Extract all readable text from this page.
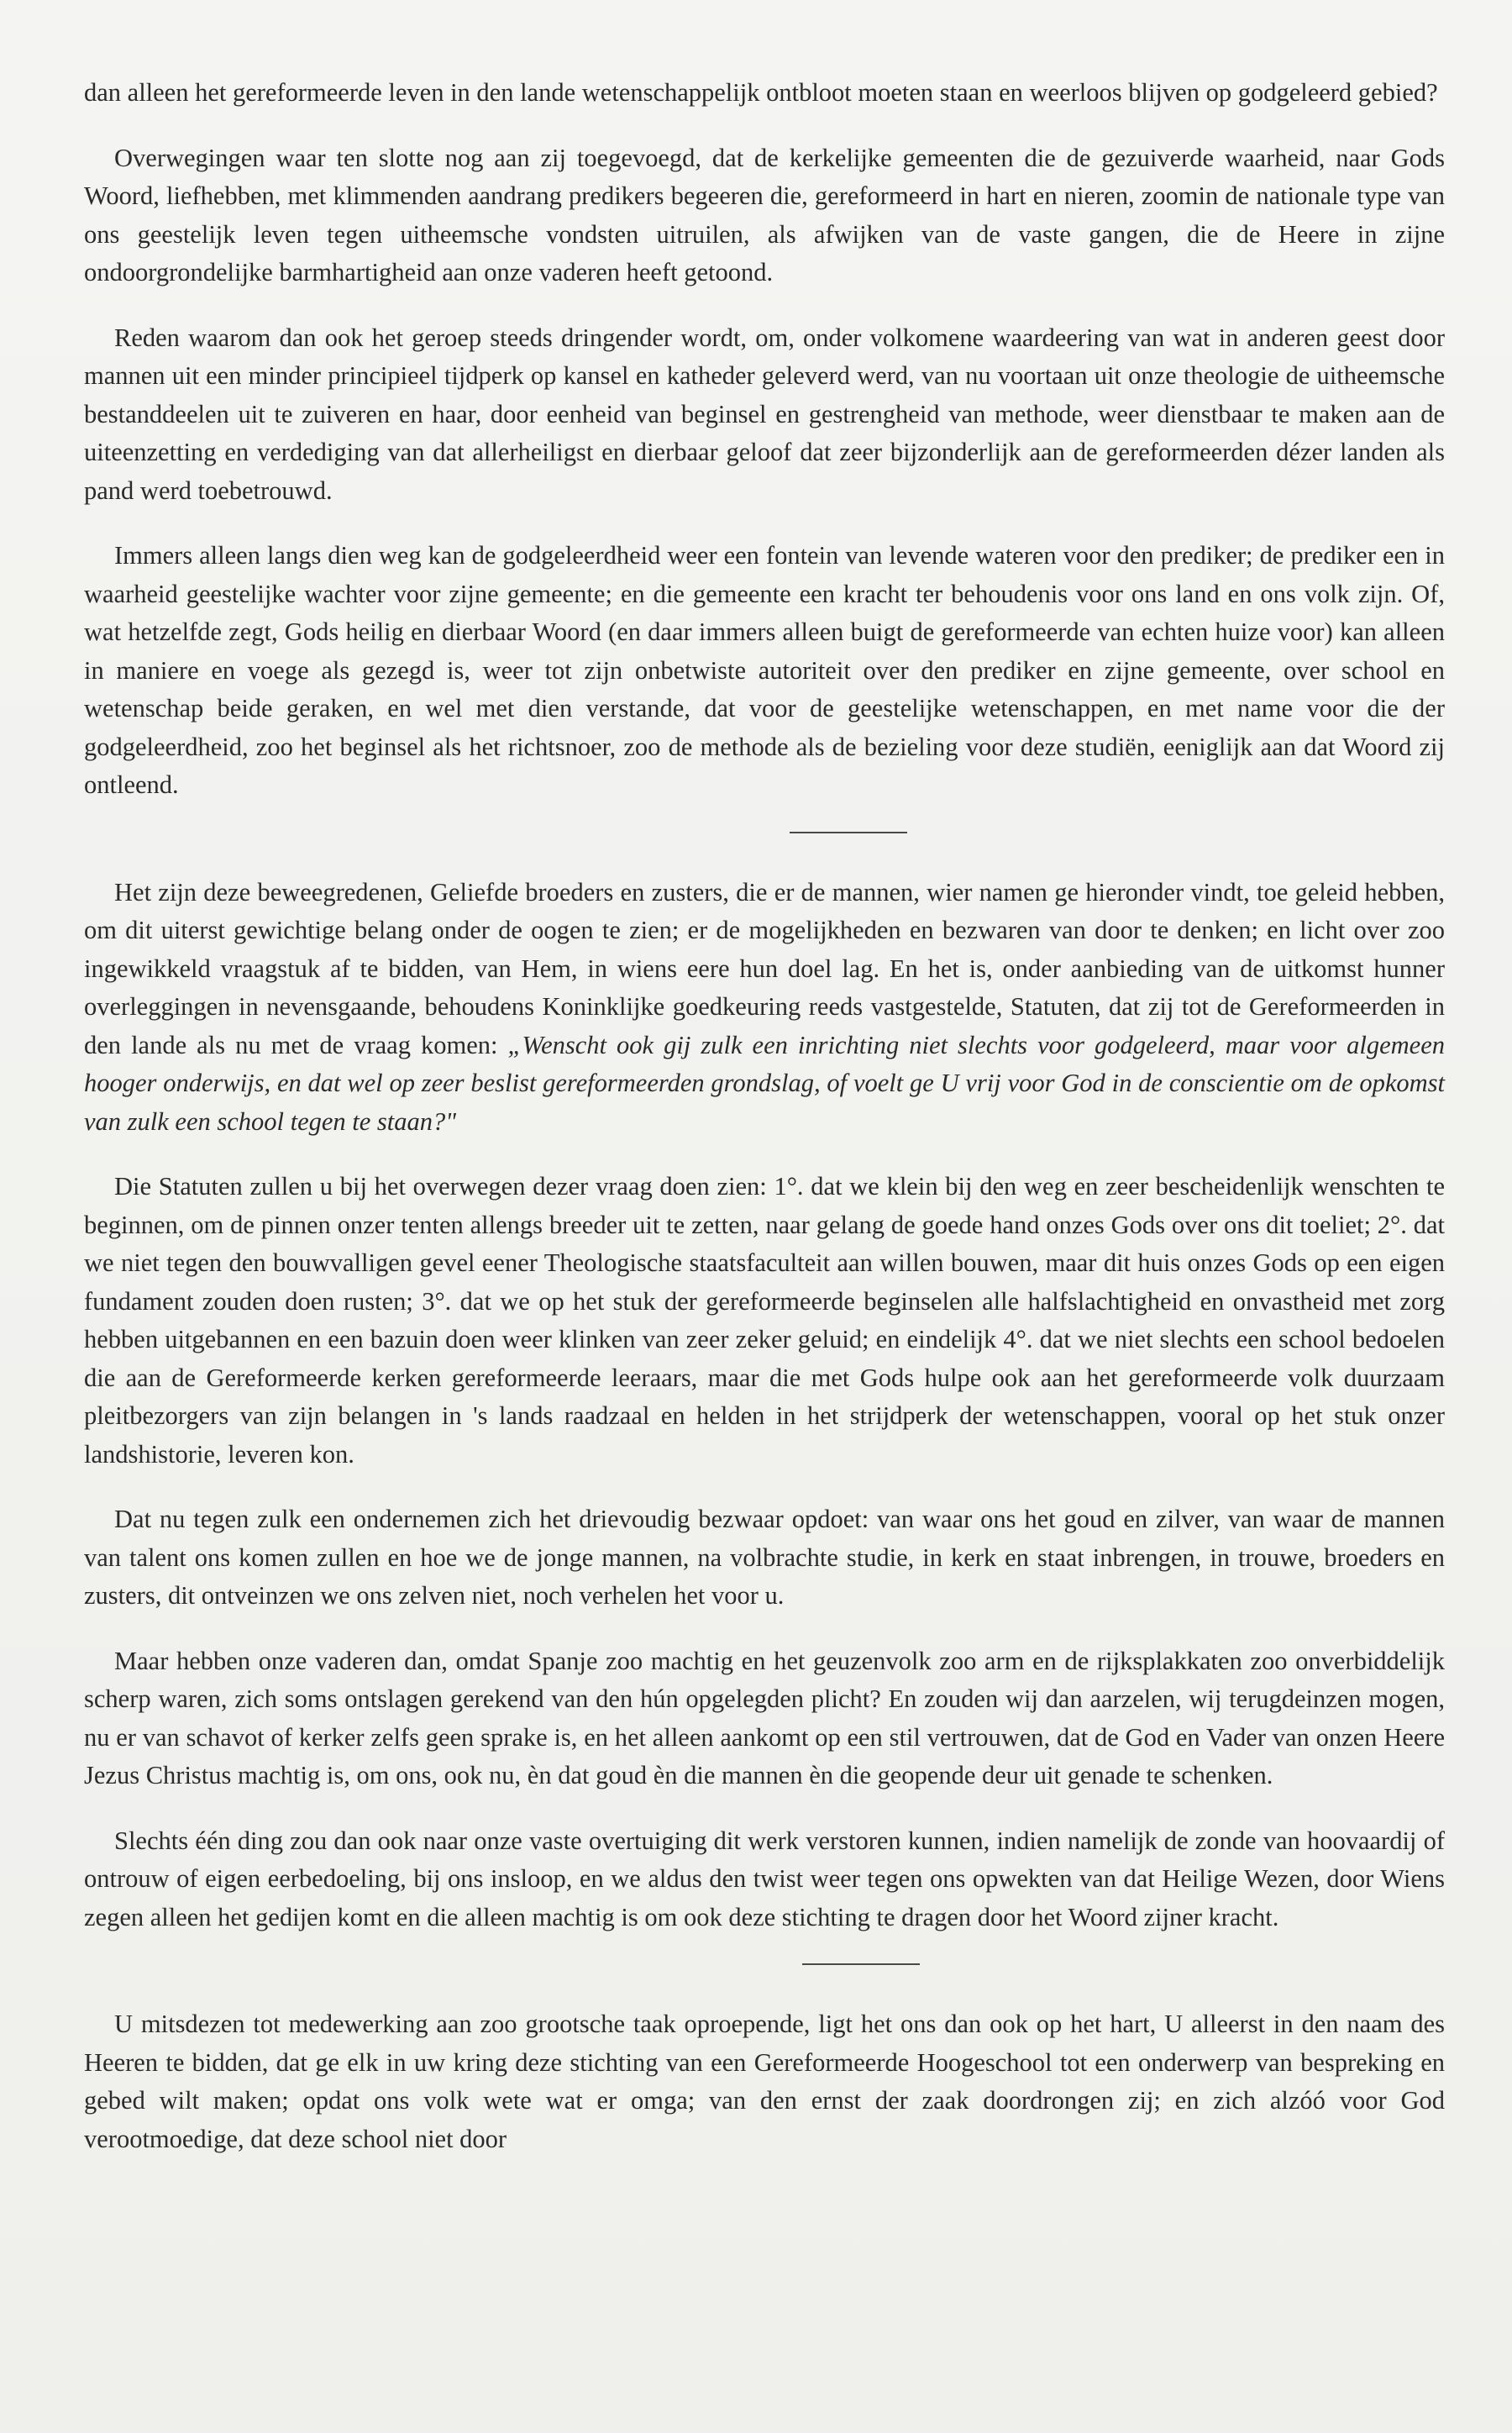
dan alleen het gereformeerde leven in den lande wetenschappelijk ontbloot moeten staan en weerloos blijven op godgeleerd gebied?

Overwegingen waar ten slotte nog aan zij toegevoegd, dat de kerkelijke gemeenten die de gezuiverde waarheid, naar Gods Woord, liefhebben, met klimmenden aandrang predikers begeeren die, gereformeerd in hart en nieren, zoomin de nationale type van ons geestelijk leven tegen uitheemsche vondsten uitruilen, als afwijken van de vaste gangen, die de Heere in zijne ondoorgrondelijke barmhartigheid aan onze vaderen heeft getoond.

Reden waarom dan ook het geroep steeds dringender wordt, om, onder volkomene waardeering van wat in anderen geest door mannen uit een minder principieel tijdperk op kansel en katheder geleverd werd, van nu voortaan uit onze theologie de uitheemsche bestanddeelen uit te zuiveren en haar, door eenheid van beginsel en gestrengheid van methode, weer dienstbaar te maken aan de uiteenzetting en verdediging van dat allerheiligst en dierbaar geloof dat zeer bijzonderlijk aan de gereformeerden dézer landen als pand werd toebetrouwd.

Immers alleen langs dien weg kan de godgeleerdheid weer een fontein van levende wateren voor den prediker; de prediker een in waarheid geestelijke wachter voor zijne gemeente; en die gemeente een kracht ter behoudenis voor ons land en ons volk zijn. Of, wat hetzelfde zegt, Gods heilig en dierbaar Woord (en daar immers alleen buigt de gereformeerde van echten huize voor) kan alleen in maniere en voege als gezegd is, weer tot zijn onbetwiste autoriteit over den prediker en zijne gemeente, over school en wetenschap beide geraken, en wel met dien verstande, dat voor de geestelijke wetenschappen, en met name voor die der godgeleerdheid, zoo het beginsel als het richtsnoer, zoo de methode als de bezieling voor deze studiën, eeniglijk aan dat Woord zij ontleend.

Het zijn deze beweegredenen, Geliefde broeders en zusters, die er de mannen, wier namen ge hieronder vindt, toe geleid hebben, om dit uiterst gewichtige belang onder de oogen te zien; er de mogelijkheden en bezwaren van door te denken; en licht over zoo ingewikkeld vraagstuk af te bidden, van Hem, in wiens eere hun doel lag. En het is, onder aanbieding van de uitkomst hunner overleggingen in nevensgaande, behoudens Koninklijke goedkeuring reeds vastgestelde, Statuten, dat zij tot de Gereformeerden in den lande als nu met de vraag komen: „Wenscht ook gij zulk een inrichting niet slechts voor godgeleerd, maar voor algemeen hooger onderwijs, en dat wel op zeer beslist gereformeerden grondslag, of voelt ge U vrij voor God in de conscientie om de opkomst van zulk een school tegen te staan?"

Die Statuten zullen u bij het overwegen dezer vraag doen zien: 1°. dat we klein bij den weg en zeer bescheidenlijk wenschten te beginnen, om de pinnen onzer tenten allengs breeder uit te zetten, naar gelang de goede hand onzes Gods over ons dit toeliet; 2°. dat we niet tegen den bouwvalligen gevel eener Theologische staatsfaculteit aan willen bouwen, maar dit huis onzes Gods op een eigen fundament zouden doen rusten; 3°. dat we op het stuk der gereformeerde beginselen alle halfslachtigheid en onvastheid met zorg hebben uitgebannen en een bazuin doen weer klinken van zeer zeker geluid; en eindelijk 4°. dat we niet slechts een school bedoelen die aan de Gereformeerde kerken gereformeerde leeraars, maar die met Gods hulpe ook aan het gereformeerde volk duurzaam pleitbezorgers van zijn belangen in 's lands raadzaal en helden in het strijdperk der wetenschappen, vooral op het stuk onzer landshistorie, leveren kon.

Dat nu tegen zulk een ondernemen zich het drievoudig bezwaar opdoet: van waar ons het goud en zilver, van waar de mannen van talent ons komen zullen en hoe we de jonge mannen, na volbrachte studie, in kerk en staat inbrengen, in trouwe, broeders en zusters, dit ontveinzen we ons zelven niet, noch verhelen het voor u.

Maar hebben onze vaderen dan, omdat Spanje zoo machtig en het geuzenvolk zoo arm en de rijksplakkaten zoo onverbiddelijk scherp waren, zich soms ontslagen gerekend van den hún opgelegden plicht? En zouden wij dan aarzelen, wij terugdeinzen mogen, nu er van schavot of kerker zelfs geen sprake is, en het alleen aankomt op een stil vertrouwen, dat de God en Vader van onzen Heere Jezus Christus machtig is, om ons, ook nu, èn dat goud èn die mannen èn die geopende deur uit genade te schenken.

Slechts één ding zou dan ook naar onze vaste overtuiging dit werk verstoren kunnen, indien namelijk de zonde van hoovaardij of ontrouw of eigen eerbedoeling, bij ons insloop, en we aldus den twist weer tegen ons opwekten van dat Heilige Wezen, door Wiens zegen alleen het gedijen komt en die alleen machtig is om ook deze stichting te dragen door het Woord zijner kracht.

U mitsdezen tot medewerking aan zoo grootsche taak oproepende, ligt het ons dan ook op het hart, U alleerst in den naam des Heeren te bidden, dat ge elk in uw kring deze stichting van een Gereformeerde Hoogeschool tot een onderwerp van bespreking en gebed wilt maken; opdat ons volk wete wat er omga; van den ernst der zaak doordrongen zij; en zich alzóó voor God verootmoedige, dat deze school niet door
